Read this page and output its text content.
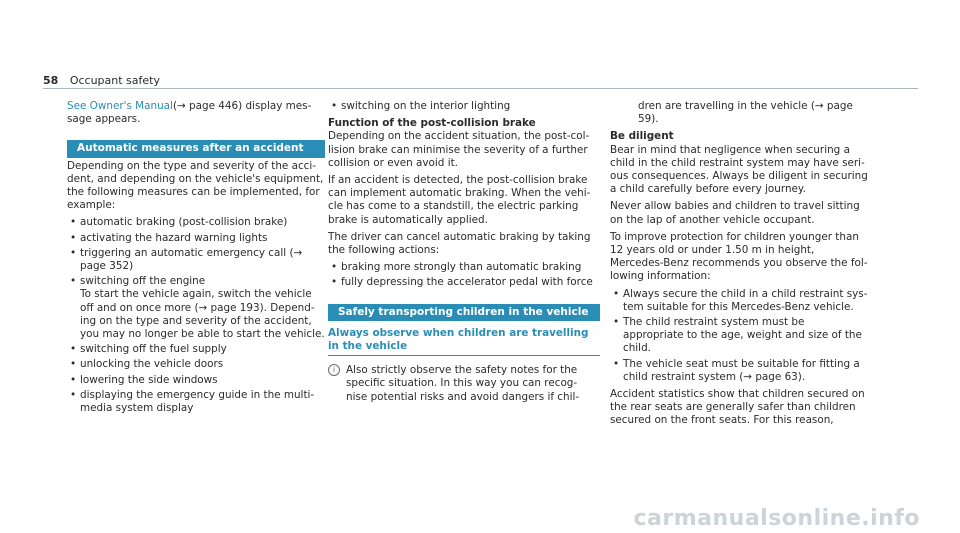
58 Occupant safety

See Owner's Manual(→ page 446) display mes-
sage appears.

Automatic measures after an accident

Depending on the type and severity of the acci- dent, and depending on the vehicle's equipment, the following measures can be implemented, for example:

• automatic braking (post-collision brake)
• activating the hazard warning lights
• triggering an automatic emergency call (→ page 352)
• switching off the engine
To start the vehicle again, switch the vehicle off and on once more (→ page 193). Depend- ing on the type and severity of the accident, you may no longer be able to start the vehicle.
• switching off the fuel supply
• unlocking the vehicle doors
• lowering the side windows
• displaying the emergency guide in the multi- media system display
• switching on the interior lighting
Function of the post-collision brake

Depending on the accident situation, the post-col- lision brake can minimise the severity of a further collision or even avoid it.

If an accident is detected, the post-collision brake can implement automatic braking. When the vehi- cle has come to a standstill, the electric parking brake is automatically applied.

The driver can cancel automatic braking by taking the following actions:

• braking more strongly than automatic braking
• fully depressing the accelerator pedal with force
Safely transporting children in the vehicle
Always observe when children are travelling in the vehicle
i	Also strictly observe the safety notes for the specific situation. In this way you can recog- nise potential risks and avoid dangers if chil-

dren are travelling in the vehicle (→ page 59).

Be diligent

Bear in mind that negligence when securing a child in the child restraint system may have seri- ous consequences. Always be diligent in securing a child carefully before every journey.

Never allow babies and children to travel sitting on the lap of another vehicle occupant.

To improve protection for children younger than 12 years old or under 1.50 m in height, Mercedes-Benz recommends you observe the fol- lowing information:

• Always secure the child in a child restraint sys- tem suitable for this Mercedes-Benz vehicle.
• The child restraint system must be appropriate to the age, weight and size of the child.
• The vehicle seat must be suitable for fitting a child restraint system (→ page 63).

Accident statistics show that children secured on the rear seats are generally safer than children secured on the front seats. For this reason,

carmanualsonline.info
